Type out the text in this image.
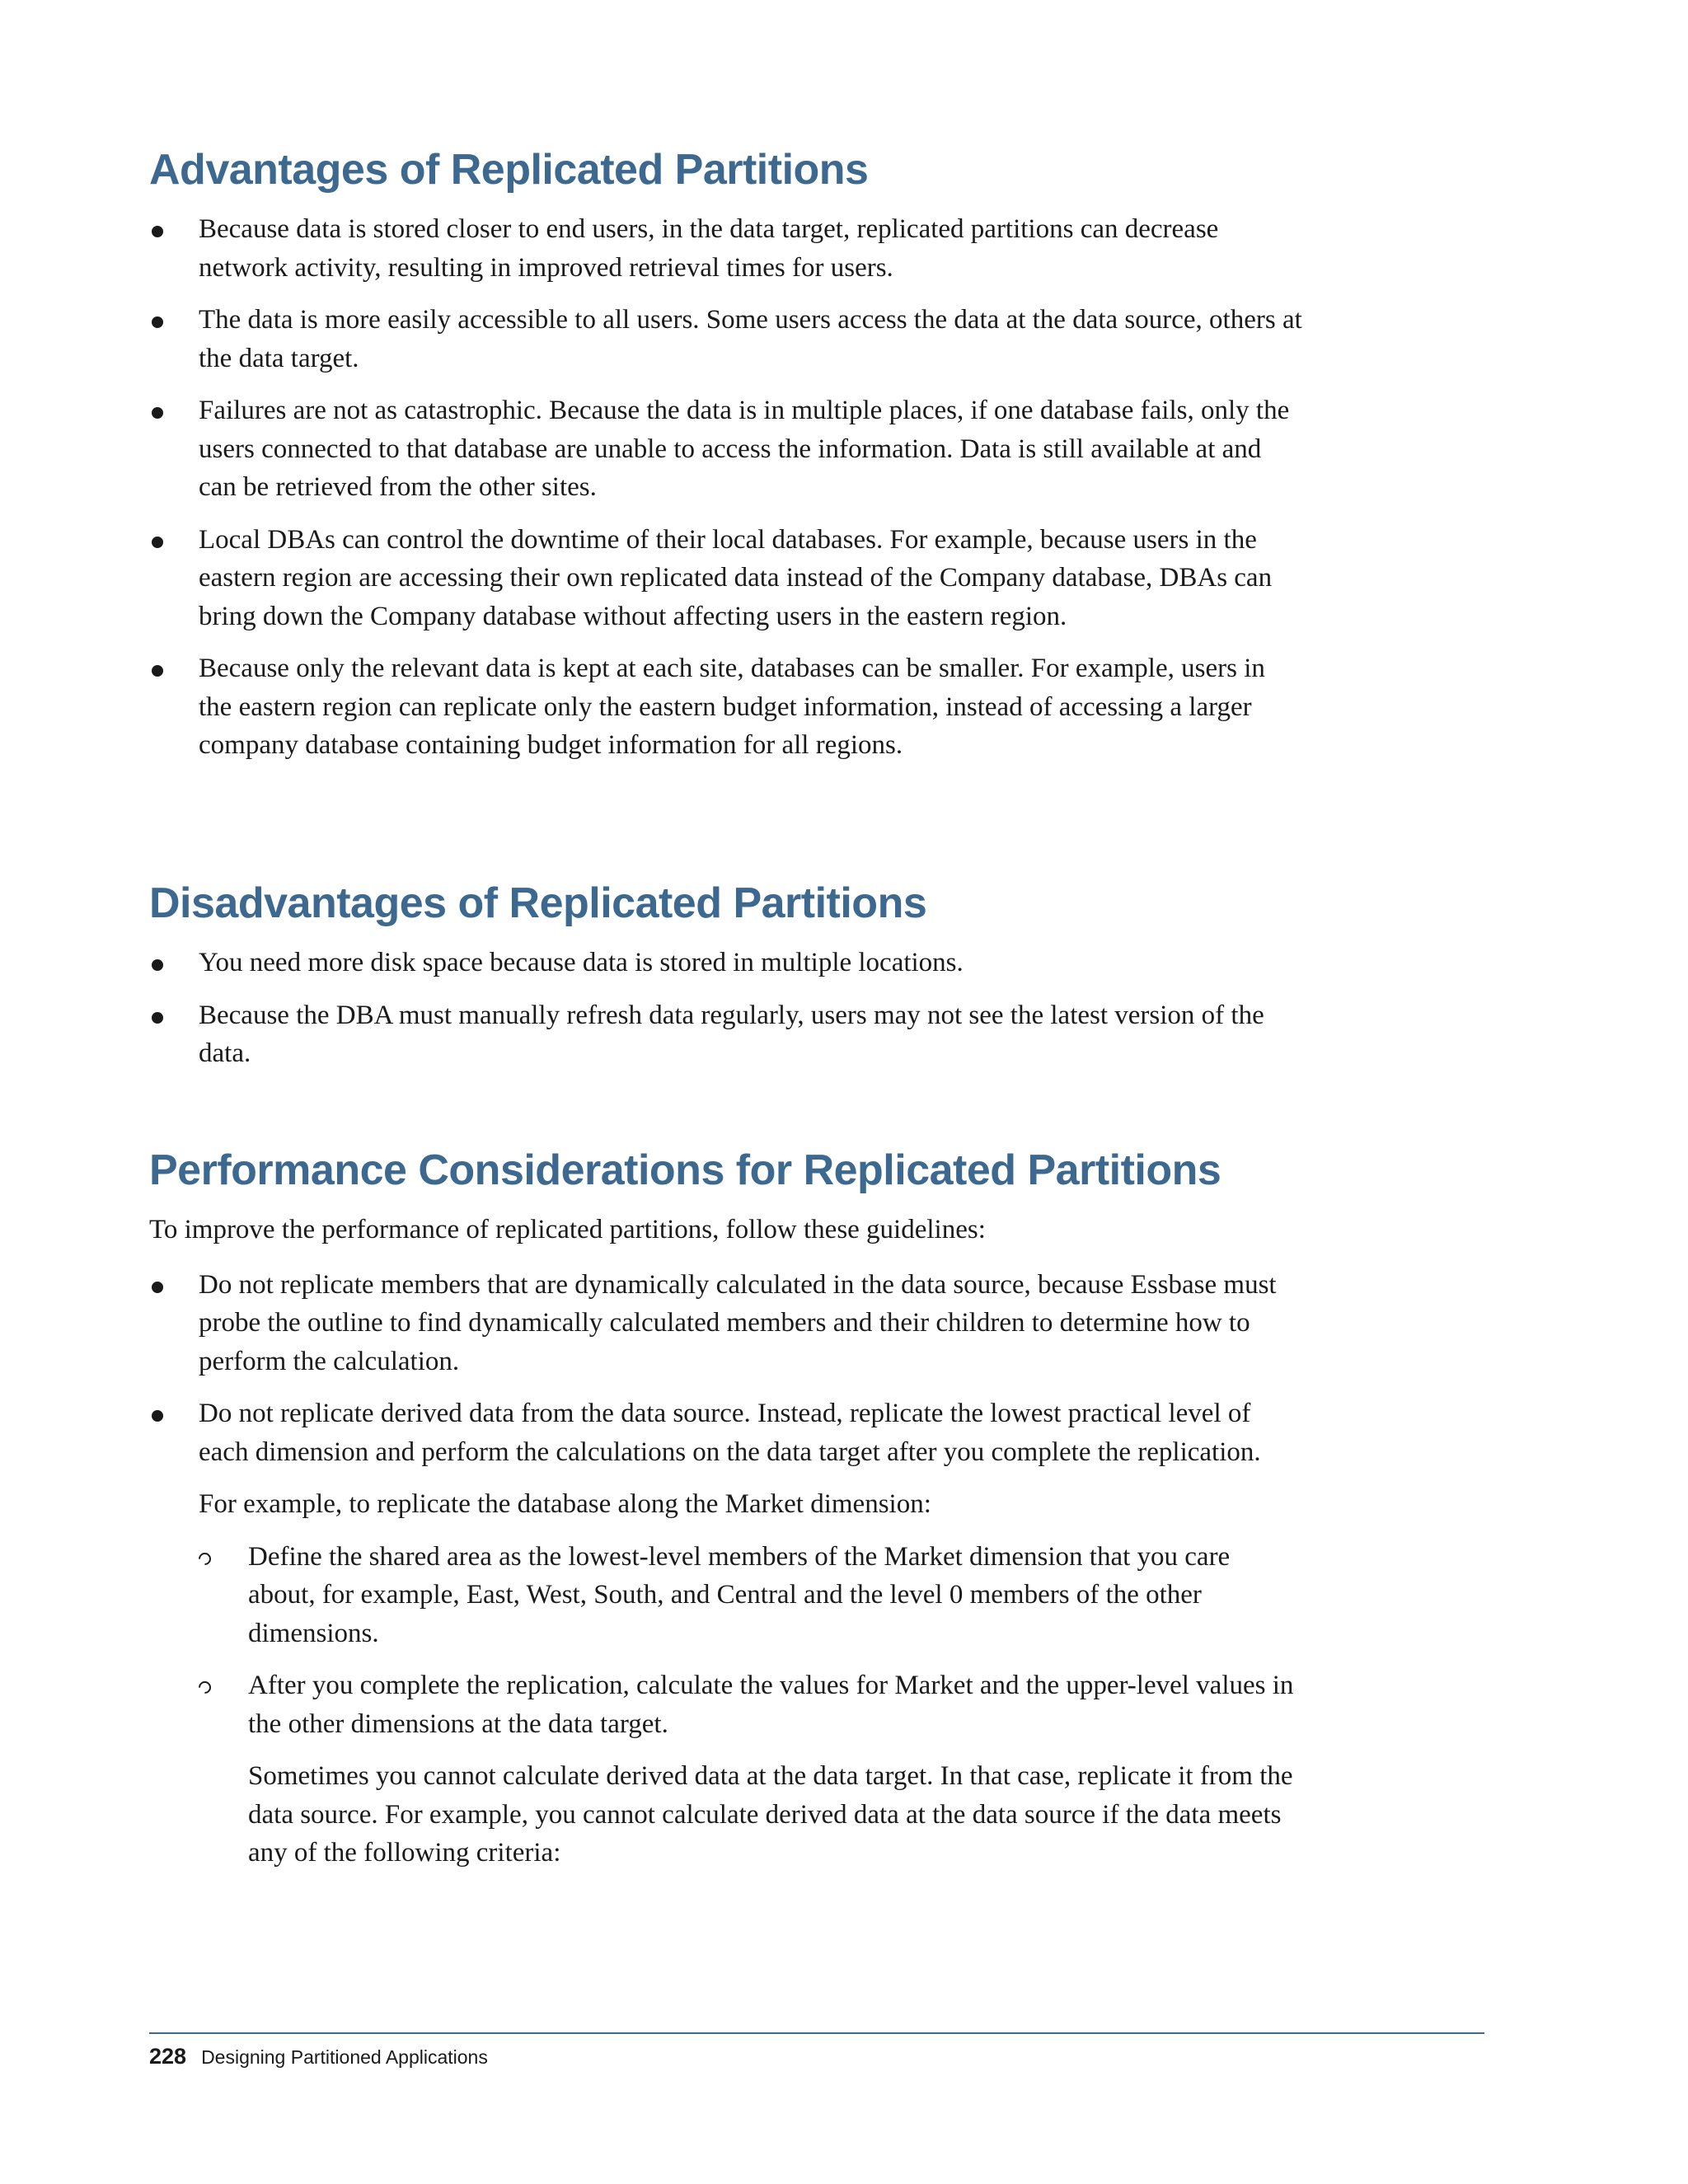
Advantages of Replicated Partitions
Because data is stored closer to end users, in the data target, replicated partitions can decrease network activity, resulting in improved retrieval times for users.
The data is more easily accessible to all users. Some users access the data at the data source, others at the data target.
Failures are not as catastrophic. Because the data is in multiple places, if one database fails, only the users connected to that database are unable to access the information. Data is still available at and can be retrieved from the other sites.
Local DBAs can control the downtime of their local databases. For example, because users in the eastern region are accessing their own replicated data instead of the Company database, DBAs can bring down the Company database without affecting users in the eastern region.
Because only the relevant data is kept at each site, databases can be smaller. For example, users in the eastern region can replicate only the eastern budget information, instead of accessing a larger company database containing budget information for all regions.
Disadvantages of Replicated Partitions
You need more disk space because data is stored in multiple locations.
Because the DBA must manually refresh data regularly, users may not see the latest version of the data.
Performance Considerations for Replicated Partitions

To improve the performance of replicated partitions, follow these guidelines:

Do not replicate members that are dynamically calculated in the data source, because Essbase must probe the outline to find dynamically calculated members and their children to determine how to perform the calculation.
Do not replicate derived data from the data source. Instead, replicate the lowest practical level of each dimension and perform the calculations on the data target after you complete the replication.

For example, to replicate the database along the Market dimension:

Define the shared area as the lowest-level members of the Market dimension that you care about, for example, East, West, South, and Central and the level 0 members of the other dimensions.
After you complete the replication, calculate the values for Market and the upper-level values in the other dimensions at the data target.

Sometimes you cannot calculate derived data at the data target. In that case, replicate it from the data source. For example, you cannot calculate derived data at the data source if the data meets any of the following criteria:

228 Designing Partitioned Applications
